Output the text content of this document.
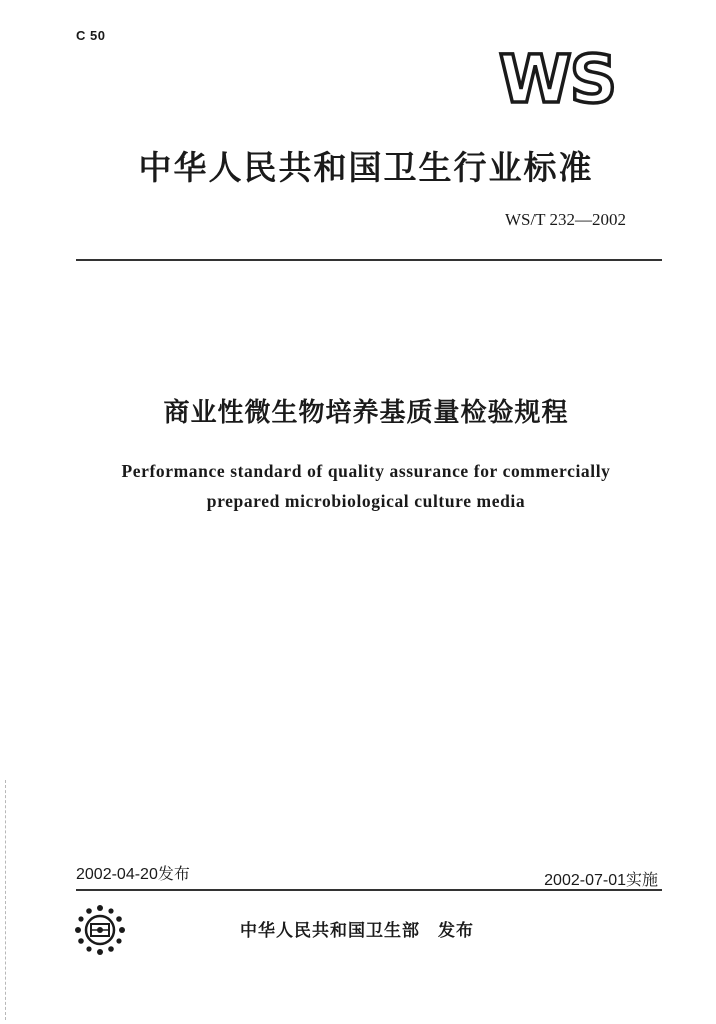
C 50
WS
中华人民共和国卫生行业标准
WS/T 232—2002
商业性微生物培养基质量检验规程
Performance standard of quality assurance for commercially
prepared microbiological culture media
2002-04-20发布	2002-07-01实施
中华人民共和国卫生部 发布
